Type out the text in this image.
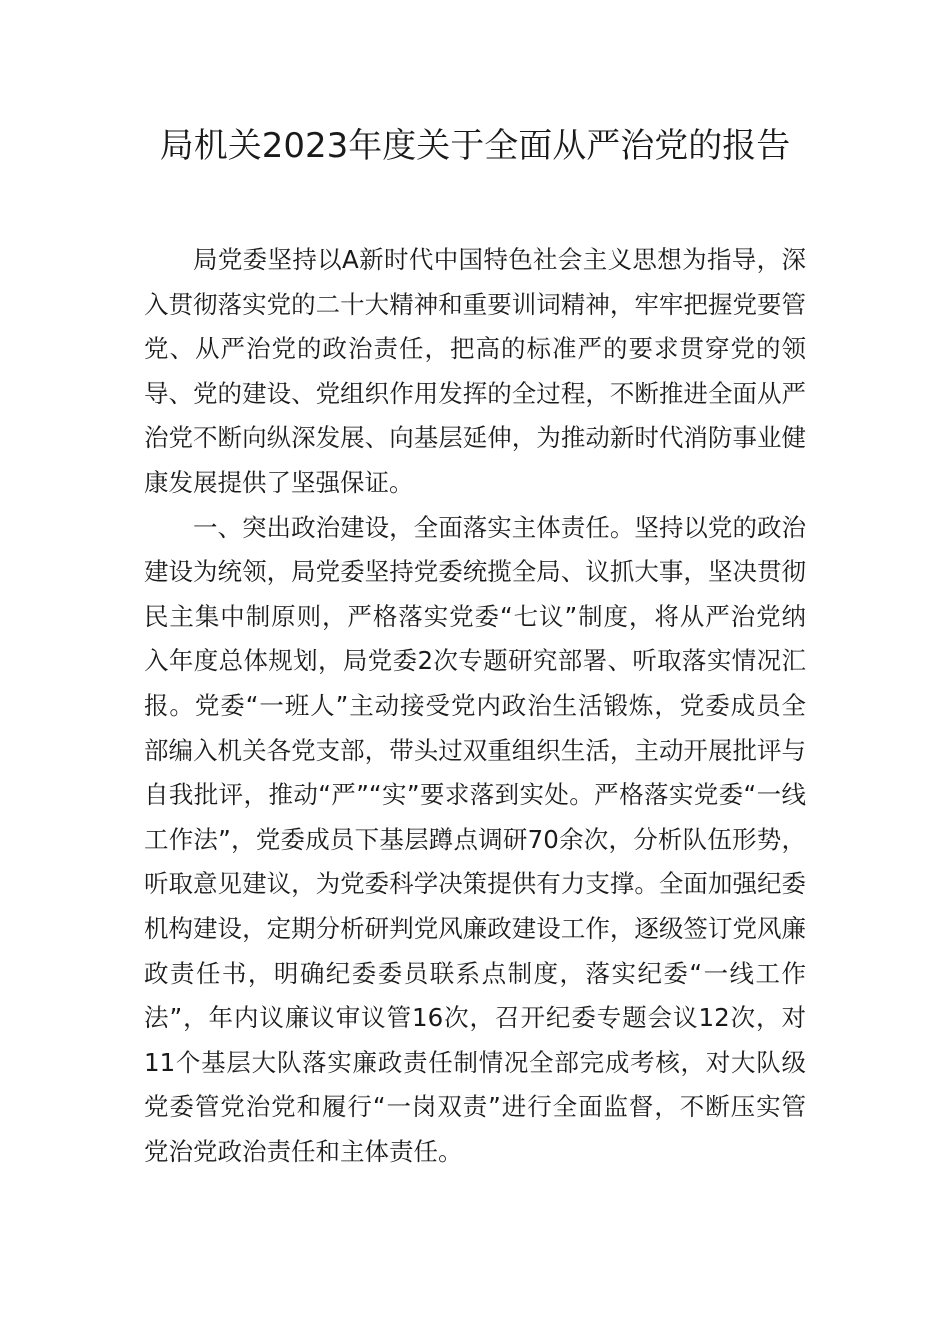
局机关2023年度关于全面从严治党的报告

局党委坚持以A新时代中国特色社会主义思想为指导，深入贯彻落实党的二十大精神和重要训词精神，牢牢把握党要管党、从严治党的政治责任，把高的标准严的要求贯穿党的领导、党的建设、党组织作用发挥的全过程，不断推进全面从严治党不断向纵深发展、向基层延伸，为推动新时代消防事业健康发展提供了坚强保证。

一、突出政治建设，全面落实主体责任。坚持以党的政治建设为统领，局党委坚持党委统揽全局、议抓大事，坚决贯彻民主集中制原则，严格落实党委“七议”制度，将从严治党纳入年度总体规划，局党委2次专题研究部署、听取落实情况汇报。党委“一班人”主动接受党内政治生活锻炼，党委成员全部编入机关各党支部，带头过双重组织生活，主动开展批评与自我批评，推动“严”“实”要求落到实处。严格落实党委“一线工作法”，党委成员下基层蹲点调研70余次，分析队伍形势，听取意见建议，为党委科学决策提供有力支撑。全面加强纪委机构建设，定期分析研判党风廉政建设工作，逐级签订党风廉政责任书，明确纪委委员联系点制度，落实纪委“一线工作法”，年内议廉议审议管16次，召开纪委专题会议12次，对11个基层大队落实廉政责任制情况全部完成考核，对大队级党委管党治党和履行“一岗双责”进行全面监督，不断压实管党治党政治责任和主体责任。
